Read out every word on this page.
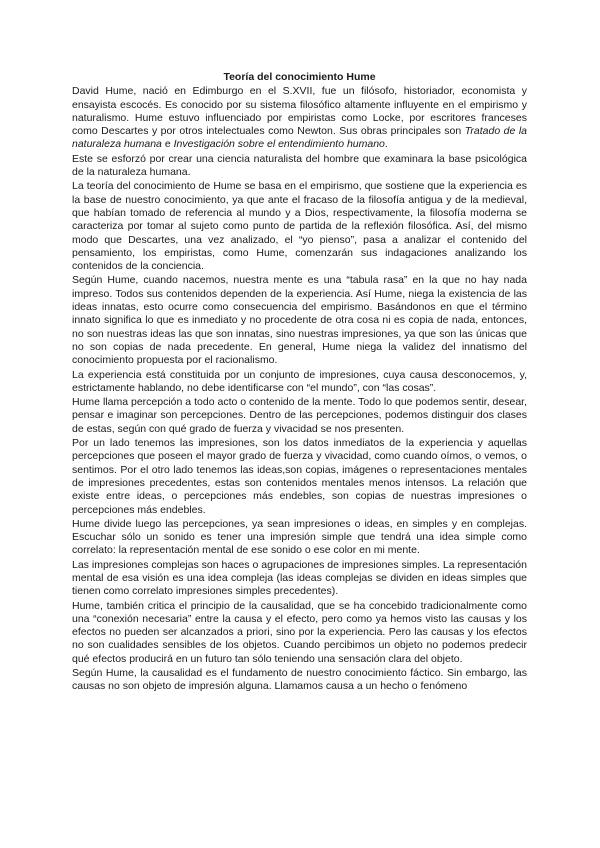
Teoría del conocimiento Hume
David Hume, nació en Edimburgo en el S.XVII, fue un filósofo, historiador, economista y ensayista escocés. Es conocido por su sistema filosófico altamente influyente en el empirismo y naturalismo. Hume estuvo influenciado por empiristas como Locke, por escritores franceses como Descartes y por otros intelectuales como Newton. Sus obras principales son Tratado de la naturaleza humana e Investigación sobre el entendimiento humano.
Este se esforzó por crear una ciencia naturalista del hombre que examinara la base psicológica de la naturaleza humana.
La teoría del conocimiento de Hume se basa en el empirismo, que sostiene que la experiencia es la base de nuestro conocimiento, ya que ante el fracaso de la filosofía antigua y de la medieval, que habían tomado de referencia al mundo y a Dios, respectivamente, la filosofía moderna se caracteriza por tomar al sujeto como punto de partida de la reflexión filosófica. Así, del mismo modo que Descartes, una vez analizado, el “yo pienso”, pasa a analizar el contenido del pensamiento, los empiristas, como Hume, comenzarán sus indagaciones analizando los contenidos de la conciencia.
Según Hume, cuando nacemos, nuestra mente es una “tabula rasa” en la que no hay nada impreso. Todos sus contenidos dependen de la experiencia. Así Hume, niega la existencia de las ideas innatas, esto ocurre como consecuencia del empirismo. Basándonos en que el término innato significa lo que es inmediato y no procedente de otra cosa ni es copia de nada, entonces, no son nuestras ideas las que son innatas, sino nuestras impresiones, ya que son las únicas que no son copias de nada precedente. En general, Hume niega la validez del innatismo del conocimiento propuesta por el racionalismo.
La experiencia está constituida por un conjunto de impresiones, cuya causa desconocemos, y, estrictamente hablando, no debe identificarse con “el mundo”, con “las cosas”.
Hume llama percepción a todo acto o contenido de la mente. Todo lo que podemos sentir, desear, pensar e imaginar son percepciones. Dentro de las percepciones, podemos distinguir dos clases de estas, según con qué grado de fuerza y vivacidad se nos presenten.
Por un lado tenemos las impresiones, son los datos inmediatos de la experiencia y aquellas percepciones que poseen el mayor grado de fuerza y vivacidad, como cuando oímos, o vemos, o sentimos. Por el otro lado tenemos las ideas,son copias, imágenes o representaciones mentales de impresiones precedentes, estas son contenidos mentales menos intensos. La relación que existe entre ideas, o percepciones más endebles, son copias de nuestras impresiones o percepciones más endebles.
Hume divide luego las percepciones, ya sean impresiones o ideas, en simples y en complejas. Escuchar sólo un sonido es tener una impresión simple que tendrá una idea simple como correlato: la representación mental de ese sonido o ese color en mi mente.
Las impresiones complejas son haces o agrupaciones de impresiones simples. La representación mental de esa visión es una idea compleja (las ideas complejas se dividen en ideas simples que tienen como correlato impresiones simples precedentes).
Hume, también critica el principio de la causalidad, que se ha concebido tradicionalmente como una “conexión necesaria” entre la causa y el efecto, pero como ya hemos visto las causas y los efectos no pueden ser alcanzados a priori, sino por la experiencia. Pero las causas y los efectos no son cualidades sensibles de los objetos. Cuando percibimos un objeto no podemos predecir qué efectos producirá en un futuro tan sólo teniendo una sensación clara del objeto.
Según Hume, la causalidad es el fundamento de nuestro conocimiento fáctico. Sin embargo, las causas no son objeto de impresión alguna. Llamamos causa a un hecho o fenómeno
